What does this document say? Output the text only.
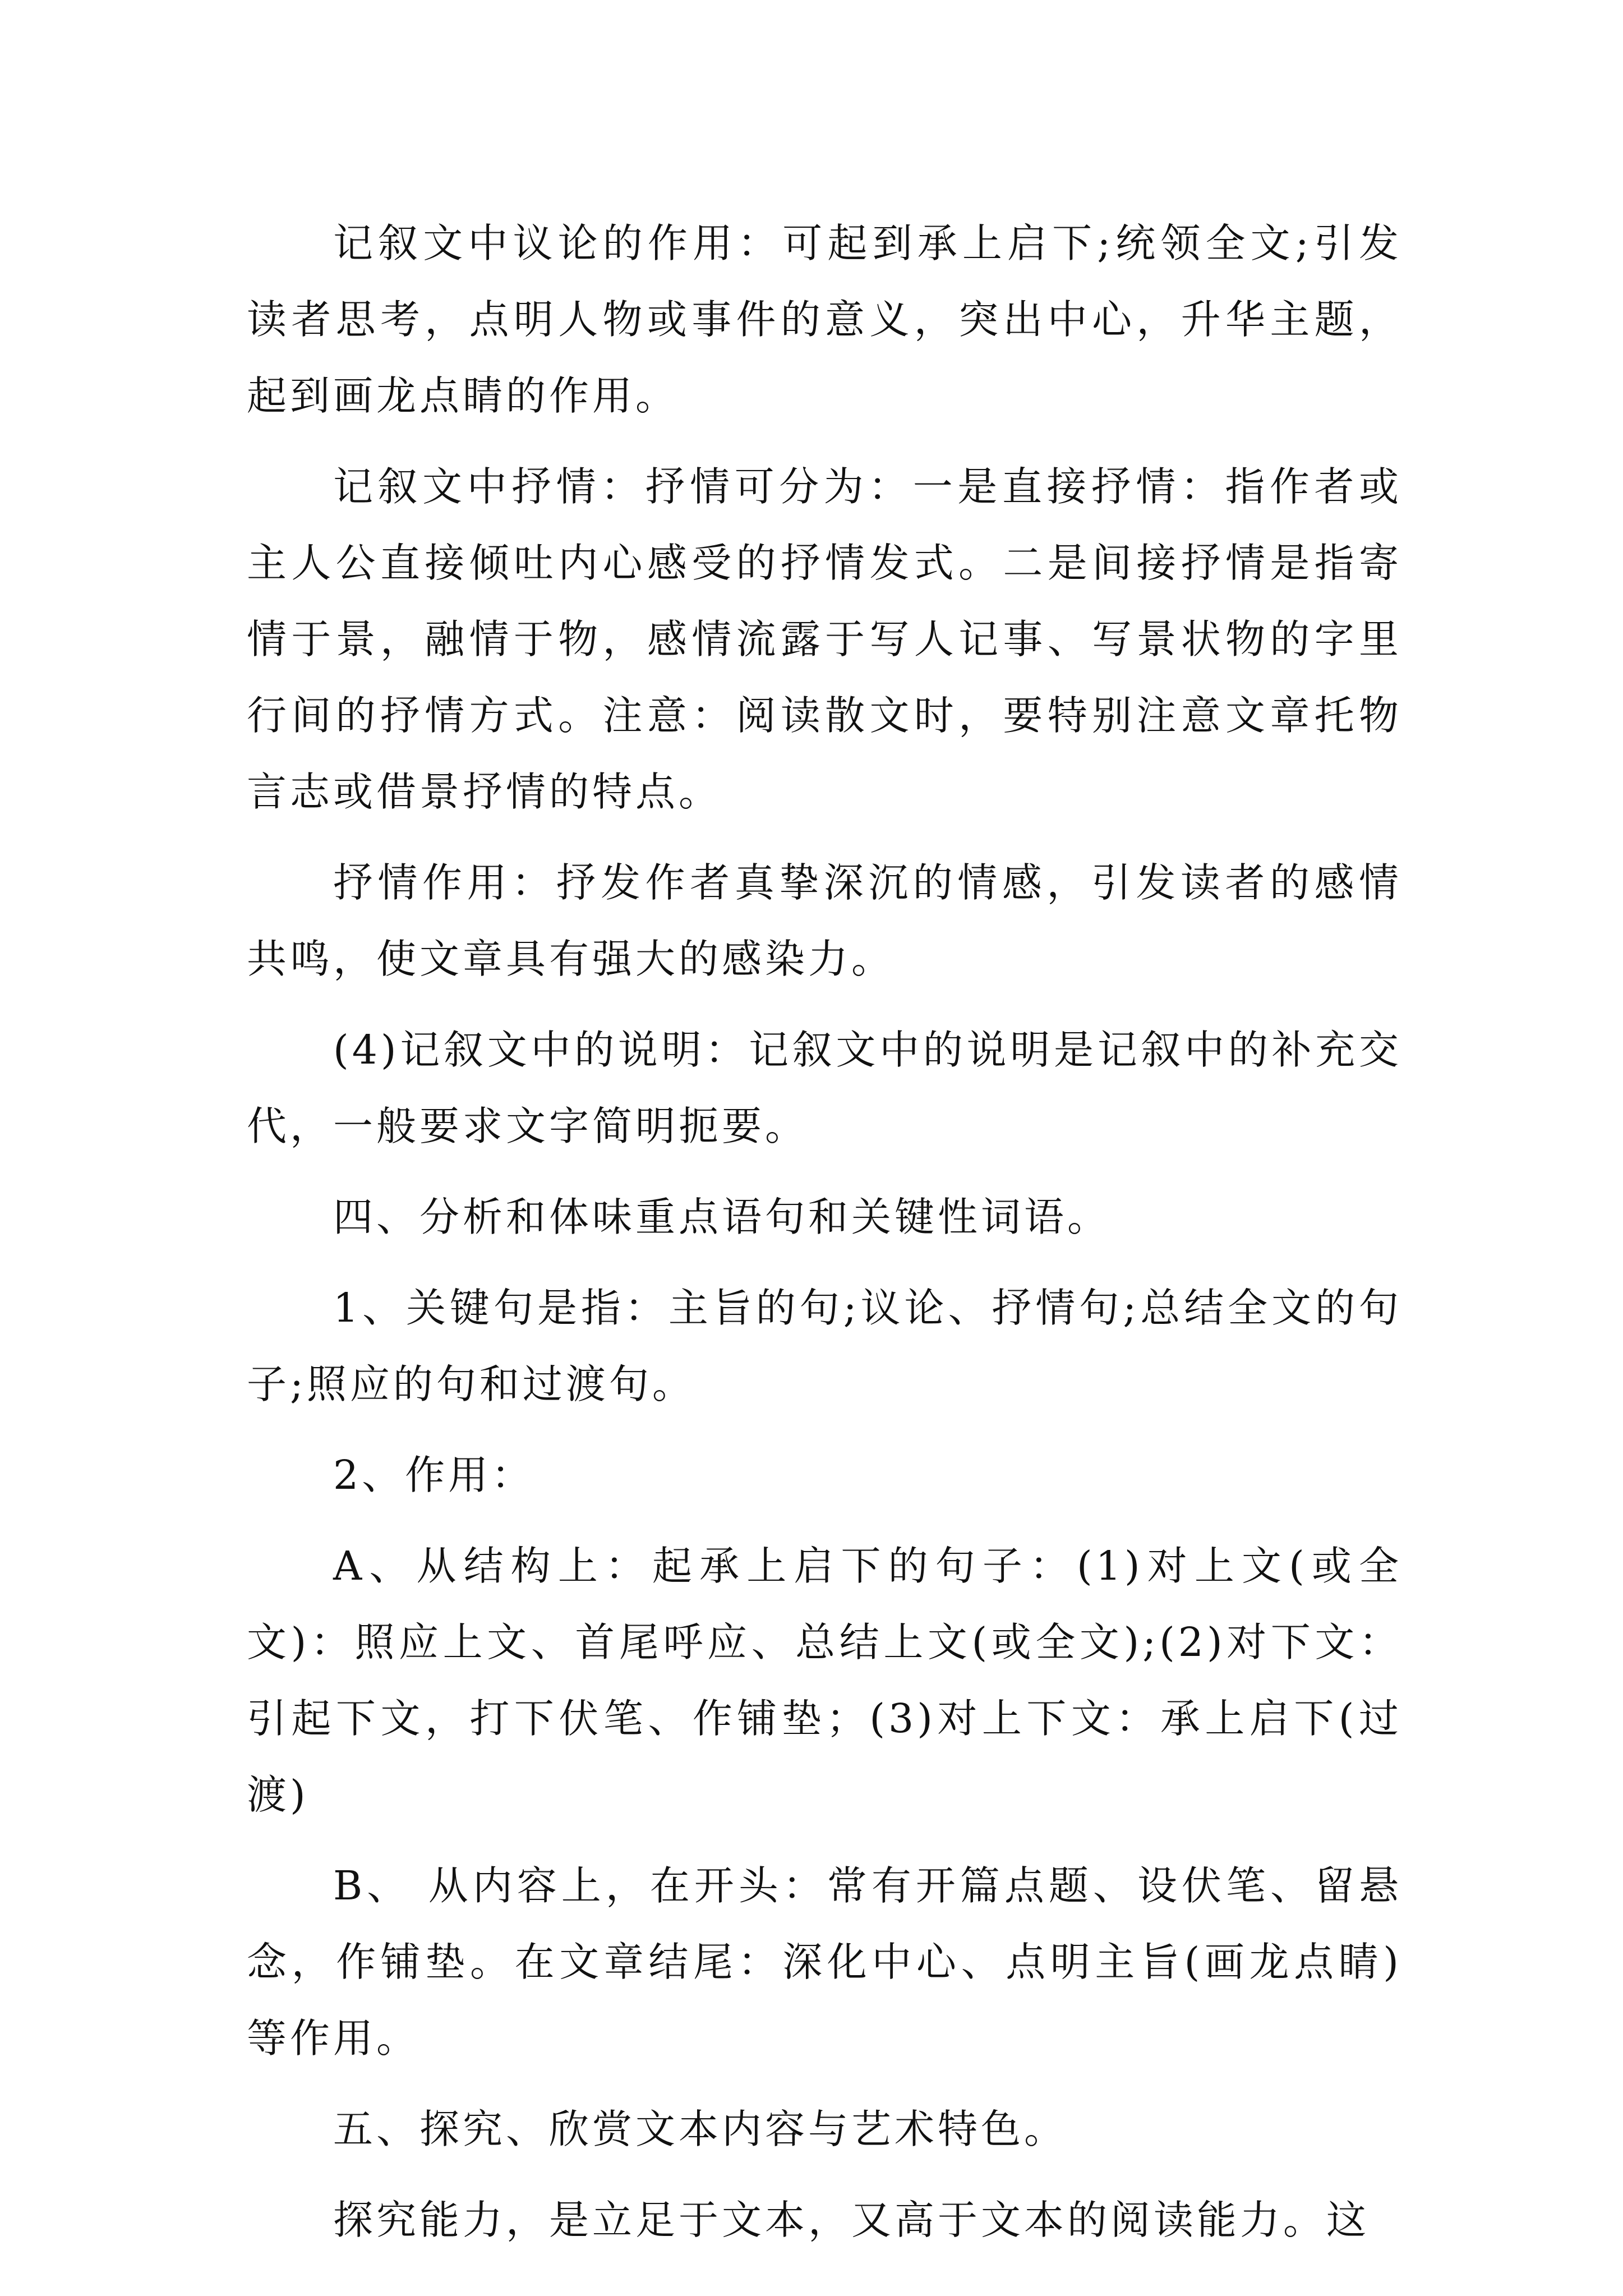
记叙文中议论的作用：可起到承上启下;统领全文;引发读者思考，点明人物或事件的意义，突出中心，升华主题，起到画龙点睛的作用。

记叙文中抒情：抒情可分为：一是直接抒情：指作者或主人公直接倾吐内心感受的抒情发式。二是间接抒情是指寄情于景，融情于物，感情流露于写人记事、写景状物的字里行间的抒情方式。注意：阅读散文时，要特别注意文章托物言志或借景抒情的特点。

抒情作用：抒发作者真挚深沉的情感，引发读者的感情共鸣，使文章具有强大的感染力。

(4)记叙文中的说明：记叙文中的说明是记叙中的补充交代，一般要求文字简明扼要。

四、分析和体味重点语句和关键性词语。

1、关键句是指：主旨的句;议论、抒情句;总结全文的句子;照应的句和过渡句。

2、作用：

A、从结构上：起承上启下的句子：(1)对上文(或全文)：照应上文、首尾呼应、总结上文(或全文);(2)对下文：引起下文，打下伏笔、作铺垫；(3)对上下文：承上启下(过渡)

B、 从内容上，在开头：常有开篇点题、设伏笔、留悬念，作铺垫。在文章结尾：深化中心、点明主旨(画龙点睛)等作用。

五、探究、欣赏文本内容与艺术特色。

探究能力，是立足于文本，又高于文本的阅读能力。这
